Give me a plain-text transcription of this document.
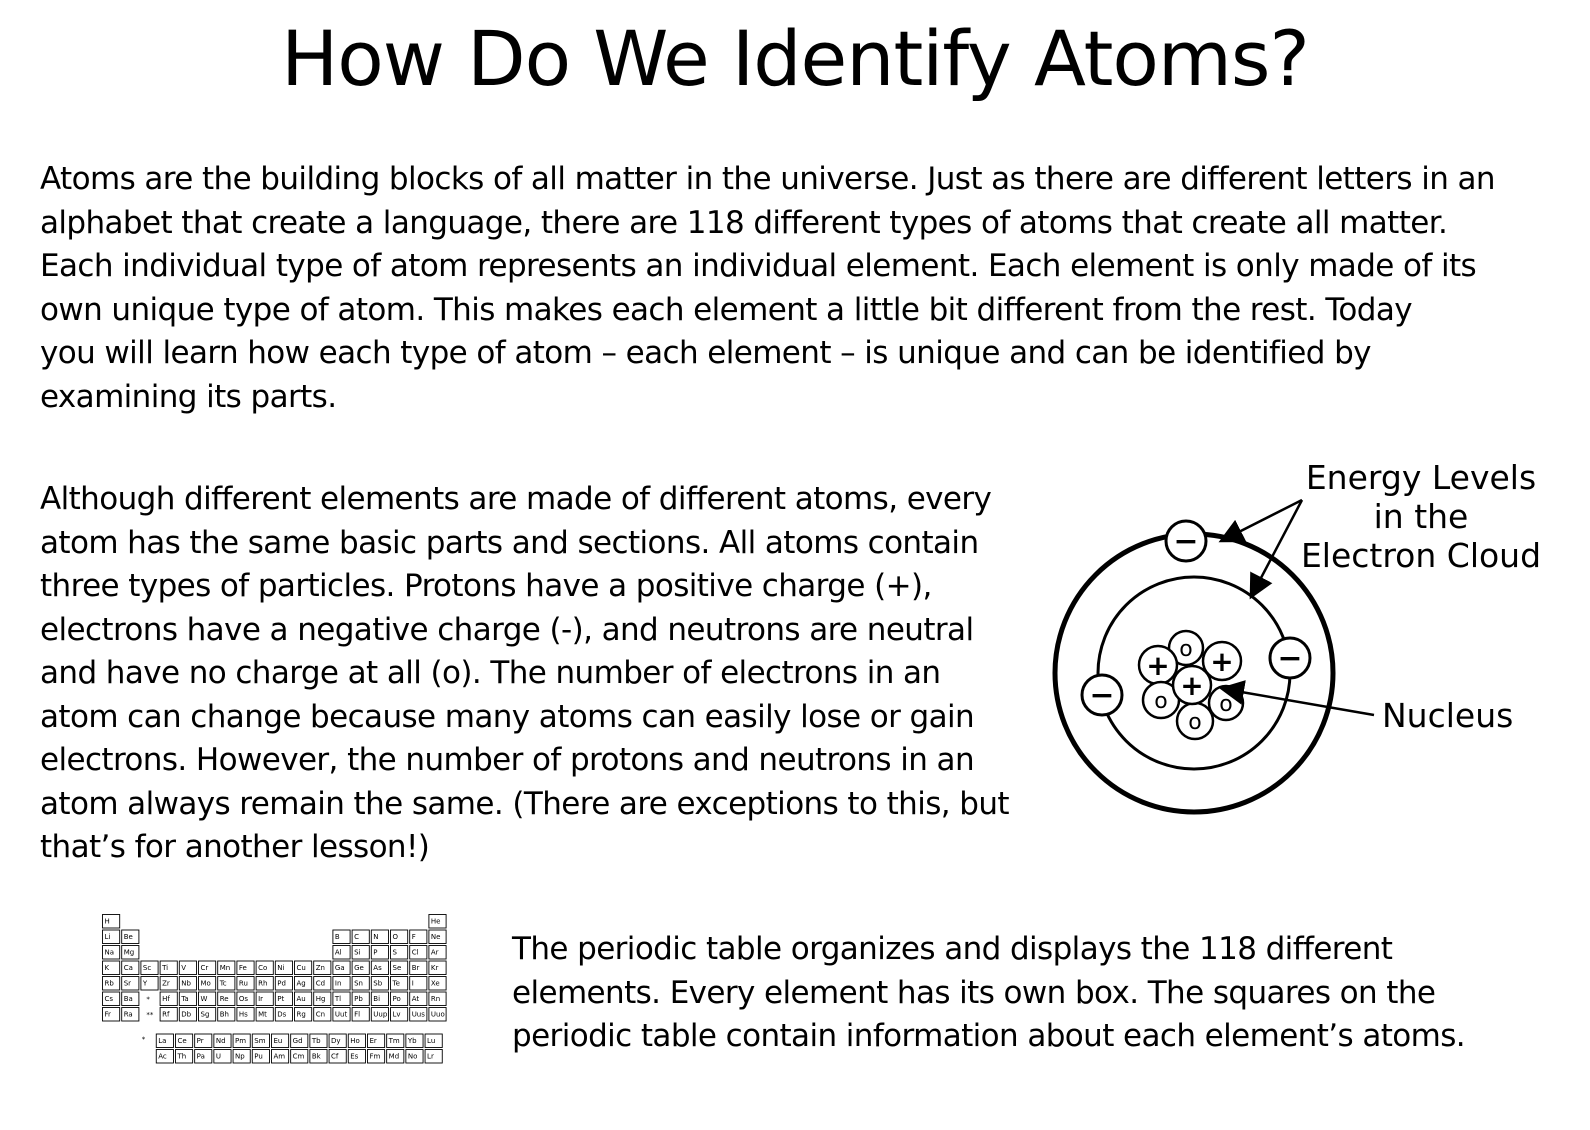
How Do We Identify Atoms?

Atoms are the building blocks of all matter in the universe. Just as there are different letters in an
alphabet that create a language, there are 118 different types of atoms that create all matter.
Each individual type of atom represents an individual element. Each element is only made of its
own unique type of atom. This makes each element a little bit different from the rest. Today
you will learn how each type of atom – each element – is unique and can be identified by
examining its parts.

Although different elements are made of different atoms, every
atom has the same basic parts and sections. All atoms contain
three types of particles. Protons have a positive charge (+),
electrons have a negative charge (-), and neutrons are neutral
and have no charge at all (o). The number of electrons in an
atom can change because many atoms can easily lose or gain
electrons. However, the number of protons and neutrons in an
atom always remain the same. (There are exceptions to this, but
that’s for another lesson!)

o
+ +
o o
o
+
−
−
−
Energy Levels
in the
Electron Cloud
Nucleus
H	He
Li Be	B C N O F Ne
Na Mg	Al Si P S Cl Ar
K Ca Sc Ti V Cr Mn Fe Co Ni Cu Zn Ga Ge As Se Br Kr
Rb Sr Y Zr Nb Mo Tc Ru Rh Pd Ag Cd In Sn Sb Te I Xe
Cs Ba * Hf Ta W Re Os Ir Pt Au Hg Tl Pb Bi Po At Rn
Fr Ra ** Rf Db Sg Bh Hs Mt Ds Rg Cn Uut Fl Uup Lv Uus Uuo
* La Ce Pr Nd Pm Sm Eu Gd Tb Dy Ho Er Tm Yb Lu
Ac Th Pa U Np Pu Am Cm Bk Cf Es Fm Md No Lr

The periodic table organizes and displays the 118 different
elements. Every element has its own box. The squares on the
periodic table contain information about each element’s atoms.
